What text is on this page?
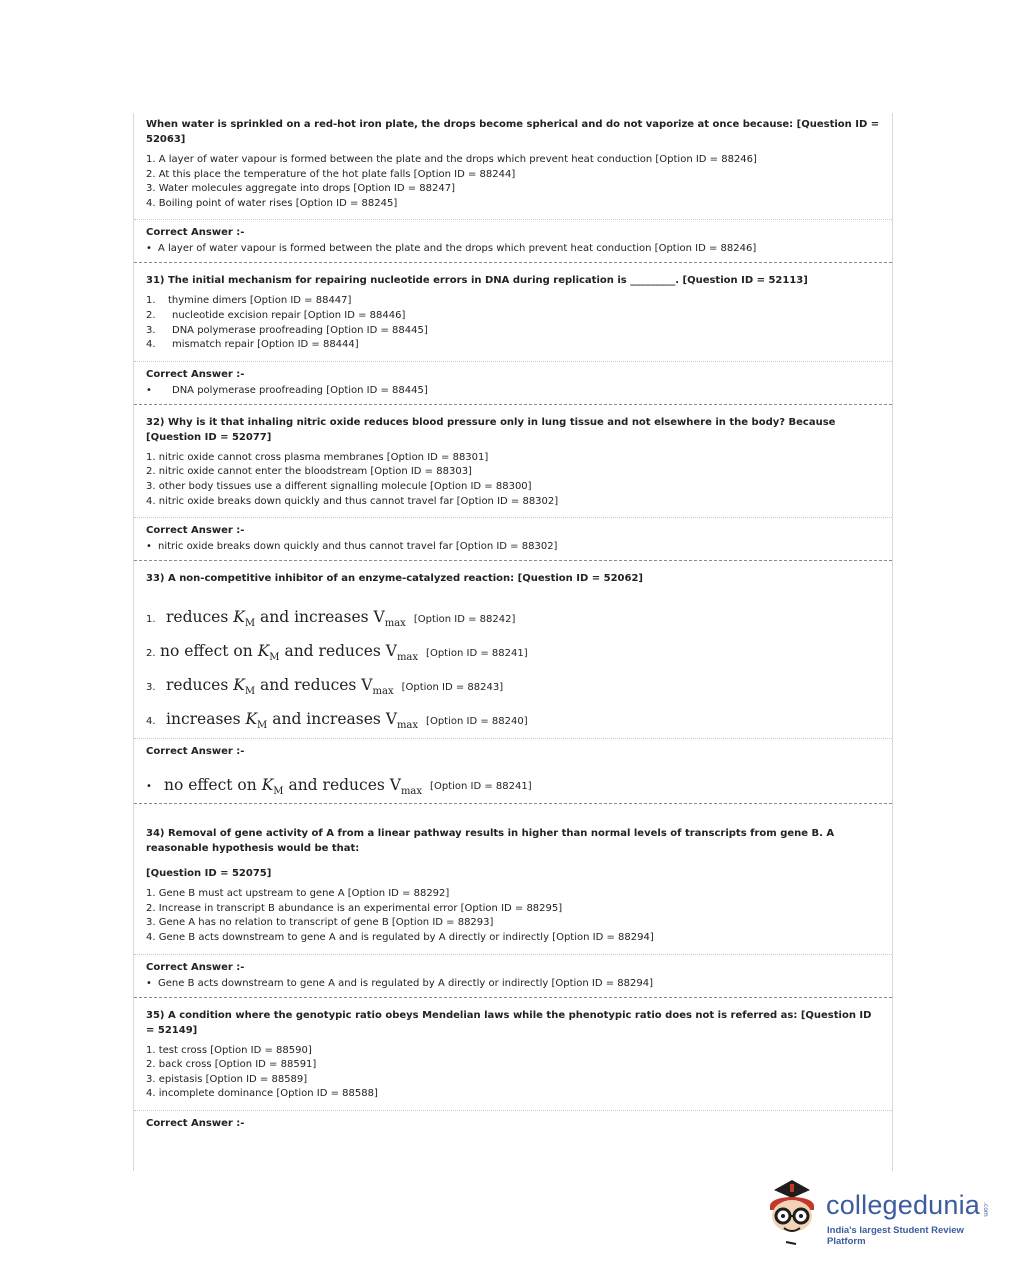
When water is sprinkled on a red-hot iron plate, the drops become spherical and do not vaporize at once because: [Question ID = 52063]
1. A layer of water vapour is formed between the plate and the drops which prevent heat conduction [Option ID = 88246]
2. At this place the temperature of the hot plate falls [Option ID = 88244]
3. Water molecules aggregate into drops [Option ID = 88247]
4. Boiling point of water rises [Option ID = 88245]
Correct Answer :-
• A layer of water vapour is formed between the plate and the drops which prevent heat conduction [Option ID = 88246]
31) The initial mechanism for repairing nucleotide errors in DNA during replication is _________. [Question ID = 52113]
1. thymine dimers [Option ID = 88447]
2. nucleotide excision repair [Option ID = 88446]
3. DNA polymerase proofreading [Option ID = 88445]
4. mismatch repair [Option ID = 88444]
Correct Answer :-
• DNA polymerase proofreading [Option ID = 88445]
32) Why is it that inhaling nitric oxide reduces blood pressure only in lung tissue and not elsewhere in the body? Because [Question ID = 52077]
1. nitric oxide cannot cross plasma membranes [Option ID = 88301]
2. nitric oxide cannot enter the bloodstream [Option ID = 88303]
3. other body tissues use a different signalling molecule [Option ID = 88300]
4. nitric oxide breaks down quickly and thus cannot travel far [Option ID = 88302]
Correct Answer :-
• nitric oxide breaks down quickly and thus cannot travel far [Option ID = 88302]
33) A non-competitive inhibitor of an enzyme-catalyzed reaction: [Question ID = 52062]
1. reduces $K_M$ and increases $V_{max}$ [Option ID = 88242]
2. no effect on $K_M$ and reduces $V_{max}$ [Option ID = 88241]
3. reduces $K_M$ and reduces $V_{max}$ [Option ID = 88243]
4. increases $K_M$ and increases $V_{max}$ [Option ID = 88240]
Correct Answer :-
• no effect on $K_M$ and reduces $V_{max}$ [Option ID = 88241]
34) Removal of gene activity of A from a linear pathway results in higher than normal levels of transcripts from gene B. A reasonable hypothesis would be that:
[Question ID = 52075]
1. Gene B must act upstream to gene A [Option ID = 88292]
2. Increase in transcript B abundance is an experimental error [Option ID = 88295]
3. Gene A has no relation to transcript of gene B [Option ID = 88293]
4. Gene B acts downstream to gene A and is regulated by A directly or indirectly [Option ID = 88294]
Correct Answer :-
• Gene B acts downstream to gene A and is regulated by A directly or indirectly [Option ID = 88294]
35) A condition where the genotypic ratio obeys Mendelian laws while the phenotypic ratio does not is referred as: [Question ID = 52149]
1. test cross [Option ID = 88590]
2. back cross [Option ID = 88591]
3. epistasis [Option ID = 88589]
4. incomplete dominance [Option ID = 88588]
Correct Answer :-
collegedunia .com
India's largest Student Review Platform
